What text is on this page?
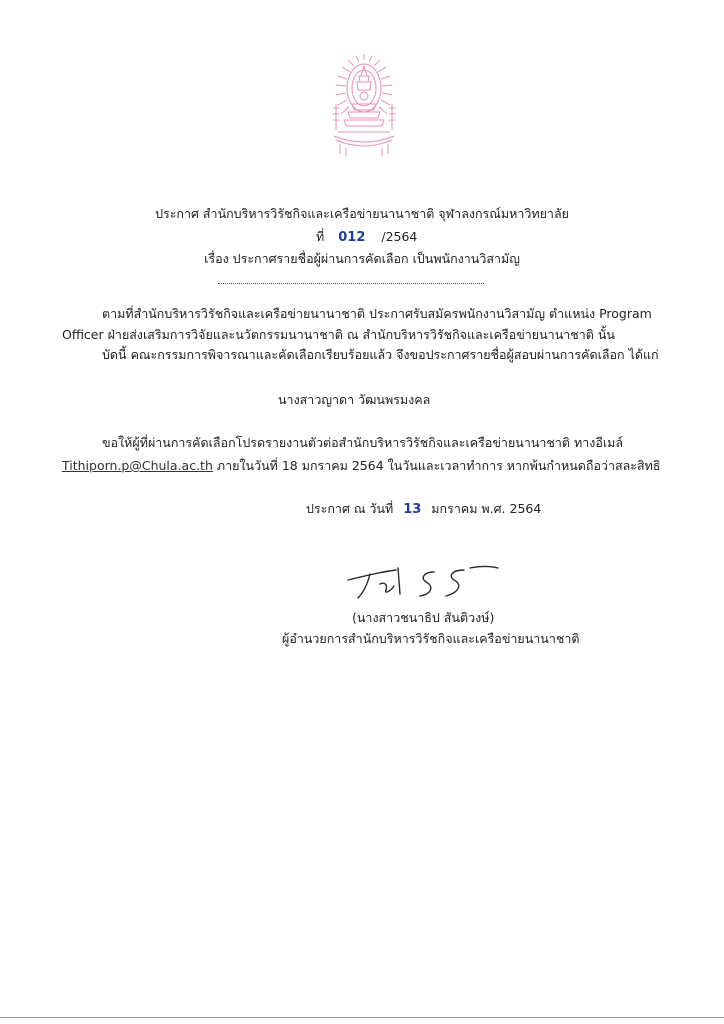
ประกาศ สำนักบริหารวิรัชกิจและเครือข่ายนานาชาติ จุฬาลงกรณ์มหาวิทยาลัย
ที่ 012 /2564
เรื่อง ประกาศรายชื่อผู้ผ่านการคัดเลือก เป็นพนักงานวิสามัญ
ตามที่สำนักบริหารวิรัชกิจและเครือข่ายนานาชาติ ประกาศรับสมัครพนักงานวิสามัญ ตำแหน่ง Program
Officer ฝ่ายส่งเสริมการวิจัยและนวัตกรรมนานาชาติ ณ สำนักบริหารวิรัชกิจและเครือข่ายนานาชาติ นั้น
บัดนี้ คณะกรรมการพิจารณาและคัดเลือกเรียบร้อยแล้ว จึงขอประกาศรายชื่อผู้สอบผ่านการคัดเลือก ได้แก่
นางสาวญาดา วัฒนพรมงคล
ขอให้ผู้ที่ผ่านการคัดเลือกโปรดรายงานตัวต่อสำนักบริหารวิรัชกิจและเครือข่ายนานาชาติ ทางอีเมล์
Tithiporn.p@Chula.ac.th ภายในวันที่ 18 มกราคม 2564 ในวันและเวลาทำการ หากพ้นกำหนดถือว่าสละสิทธิ
ประกาศ ณ วันที่ 13 มกราคม พ.ศ. 2564
(นางสาวชนาธิป สันติวงษ์)
ผู้อำนวยการสำนักบริหารวิรัชกิจและเครือข่ายนานาชาติ
